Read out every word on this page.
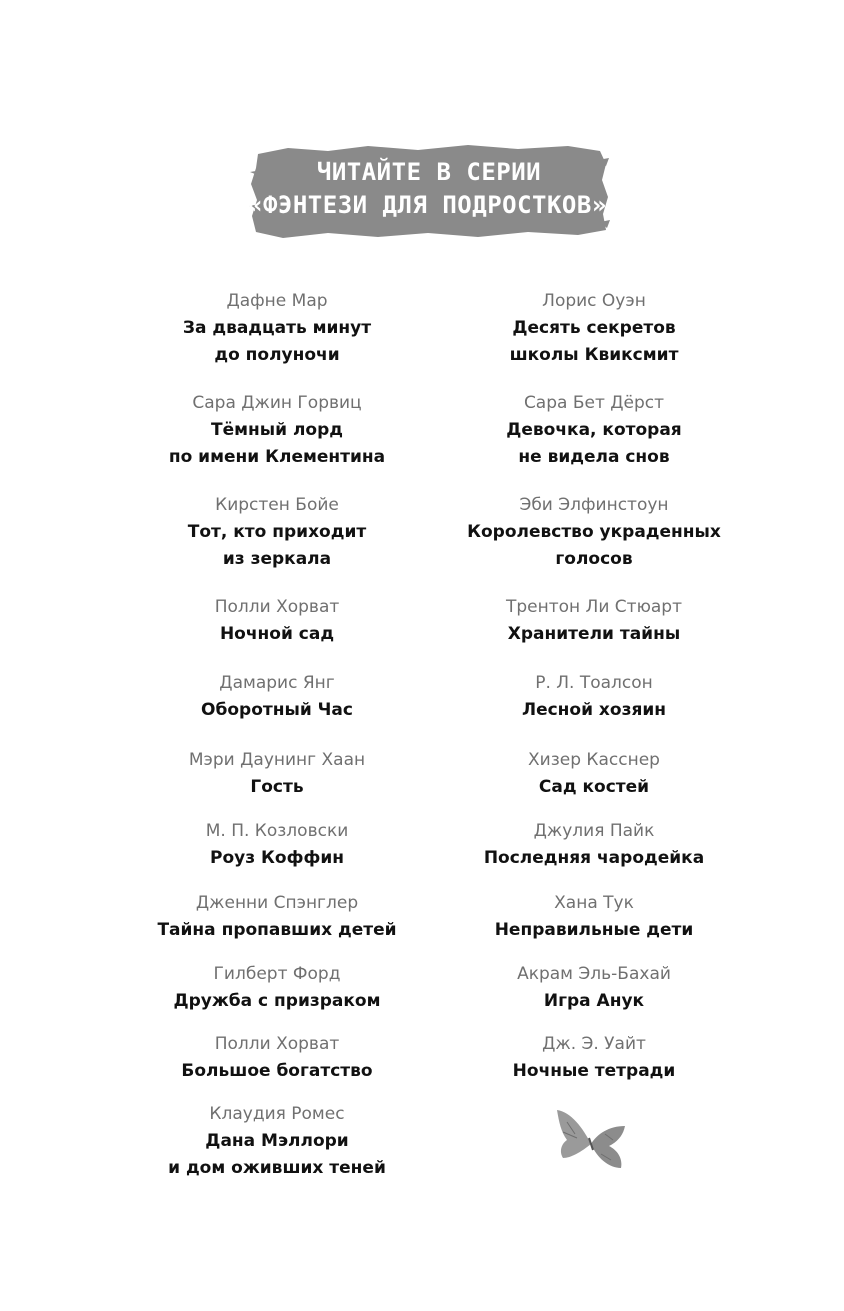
ЧИТАЙТЕ В СЕРИИ
«ФЭНТЕЗИ ДЛЯ ПОДРОСТКОВ»:
Дафне Мар
За двадцать минут
до полуночи
Сара Джин Горвиц
Тёмный лорд
по имени Клементина
Кирстен Бойе
Тот, кто приходит
из зеркала
Полли Хорват
Ночной сад
Дамарис Янг
Оборотный Час
Мэри Даунинг Хаан
Гость
М. П. Козловски
Роуз Коффин
Дженни Спэнглер
Тайна пропавших детей
Гилберт Форд
Дружба с призраком
Полли Хорват
Большое богатство
Клаудия Ромес
Дана Мэллори
и дом оживших теней
Лорис Оуэн
Десять секретов
школы Квиксмит
Сара Бет Дёрст
Девочка, которая
не видела снов
Эби Элфинстоун
Королевство украденных
голосов
Трентон Ли Стюарт
Хранители тайны
Р. Л. Тоалсон
Лесной хозяин
Хизер Касснер
Сад костей
Джулия Пайк
Последняя чародейка
Хана Тук
Неправильные дети
Акрам Эль-Бахай
Игра Анук
Дж. Э. Уайт
Ночные тетради
